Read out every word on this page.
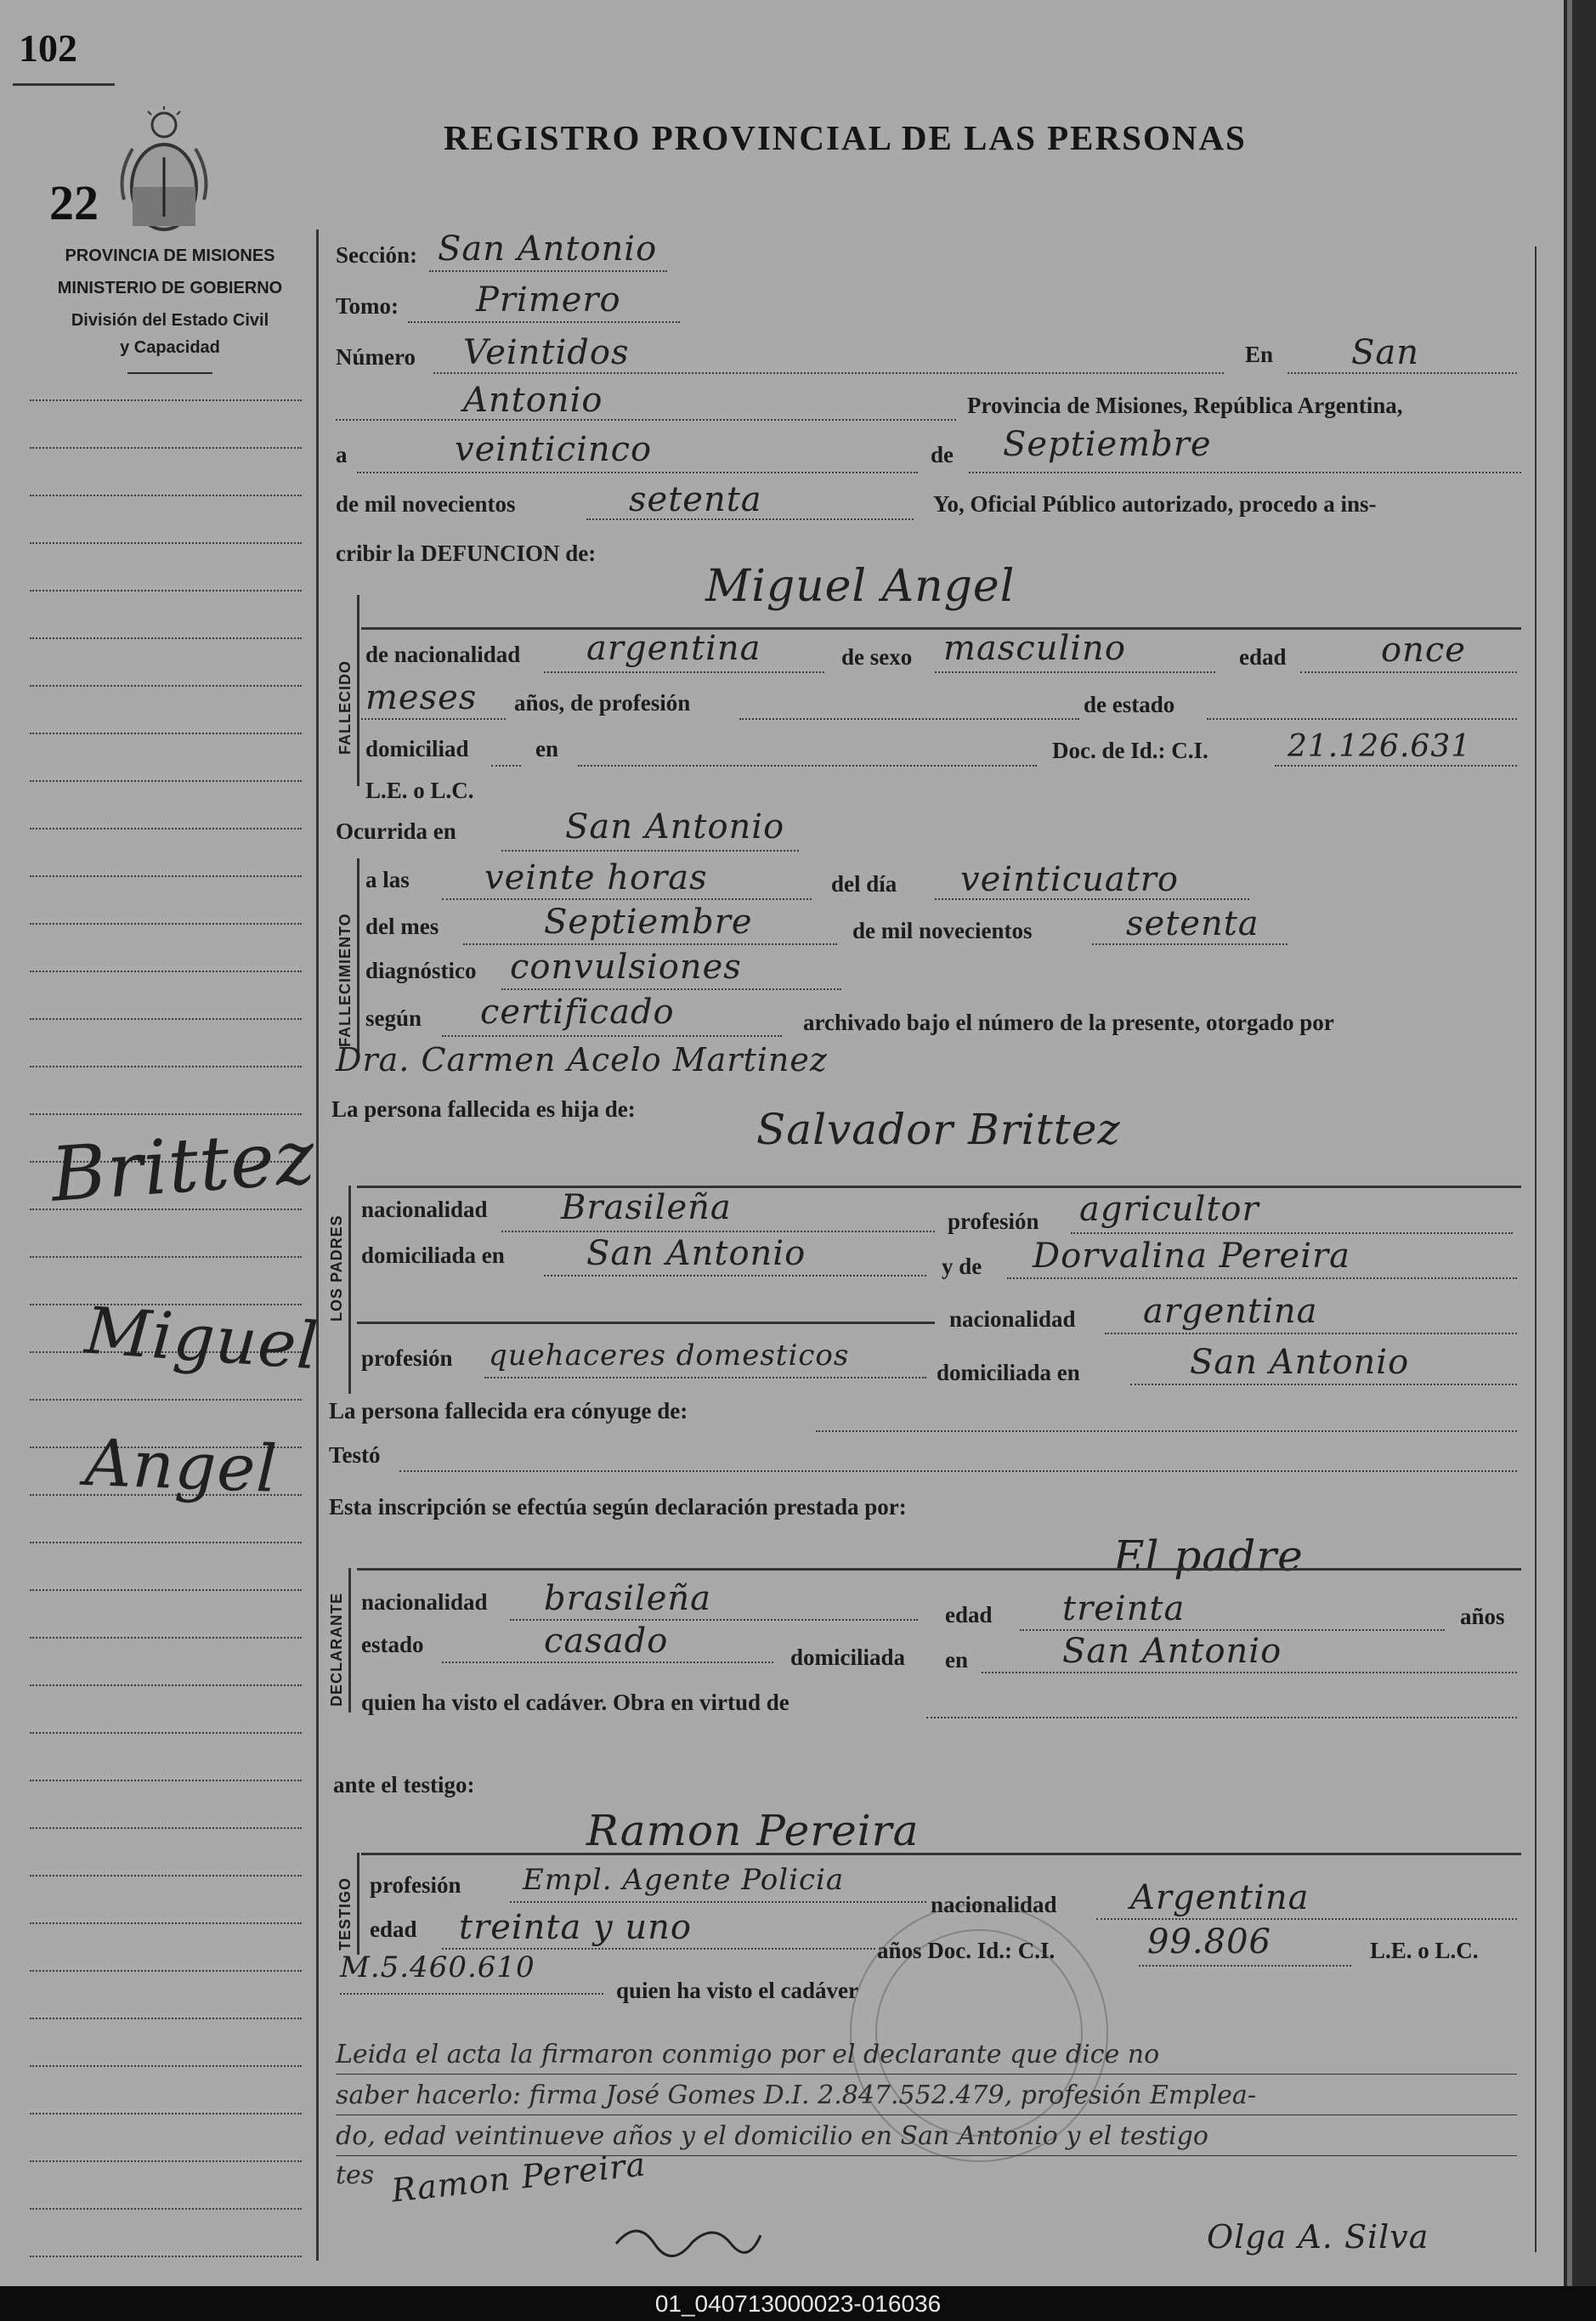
102
22
PROVINCIA DE MISIONES
MINISTERIO DE GOBIERNO
División del Estado Civil
y Capacidad
Brittez
Miguel
Angel
REGISTRO PROVINCIAL DE LAS PERSONAS
Sección: San Antonio
Tomo: Primero
Número Veintidos	En San
Antonio	Provincia de Misiones, República Argentina,
a	veinticinco	de Septiembre
de mil novecientos	setenta	Yo, Oficial Público autorizado, procedo a ins-
cribir la DEFUNCION de:
FALLECIDO
Miguel Angel
de nacionalidad argentina	de sexo masculino	edad	once
meses años, de profesión	de estado
domiciliad	en	Doc. de Id.: C.I.	21.126.631
L.E. o L.C.
Ocurrida en	San Antonio
FALLECIMIENTO
a las veinte horas	del día veinticuatro
del mes	Septiembre	de mil novecientos	setenta
diagnóstico convulsiones
según certificado	archivado bajo el número de la presente, otorgado por
Dra. Carmen Acelo Martinez
La persona fallecida es hija de:
LOS PADRES
Salvador Brittez
nacionalidad Brasileña	profesión agricultor
domiciliada en San Antonio	y de Dorvalina Pereira
nacionalidad argentina
profesión quehaceres domesticos	domiciliada en	San Antonio
La persona fallecida era cónyuge de:
Testó
Esta inscripción se efectúa según declaración prestada por:
DECLARANTE
El padre
nacionalidad brasileña	edad treinta	años
estado	casado	domiciliada en	San Antonio
quien ha visto el cadáver. Obra en virtud de
ante el testigo:
TESTIGO
Ramon Pereira
profesión Empl. Agente Policia
nacionalidad Argentina
edad treinta y uno
años Doc. Id.: C.I.	99.806	L.E. o L.C.
M.5.460.610
quien ha visto el cadáver
Leida el acta la firmaron conmigo por el declarante que dice no
saber hacerlo: firma José Gomes D.I. 2.847.552.479, profesión Emplea-
do, edad veintinueve años y el domicilio en San Antonio y el testigo
tes Ramon Pereira
Olga A. Silva
01_040713000023-016036
